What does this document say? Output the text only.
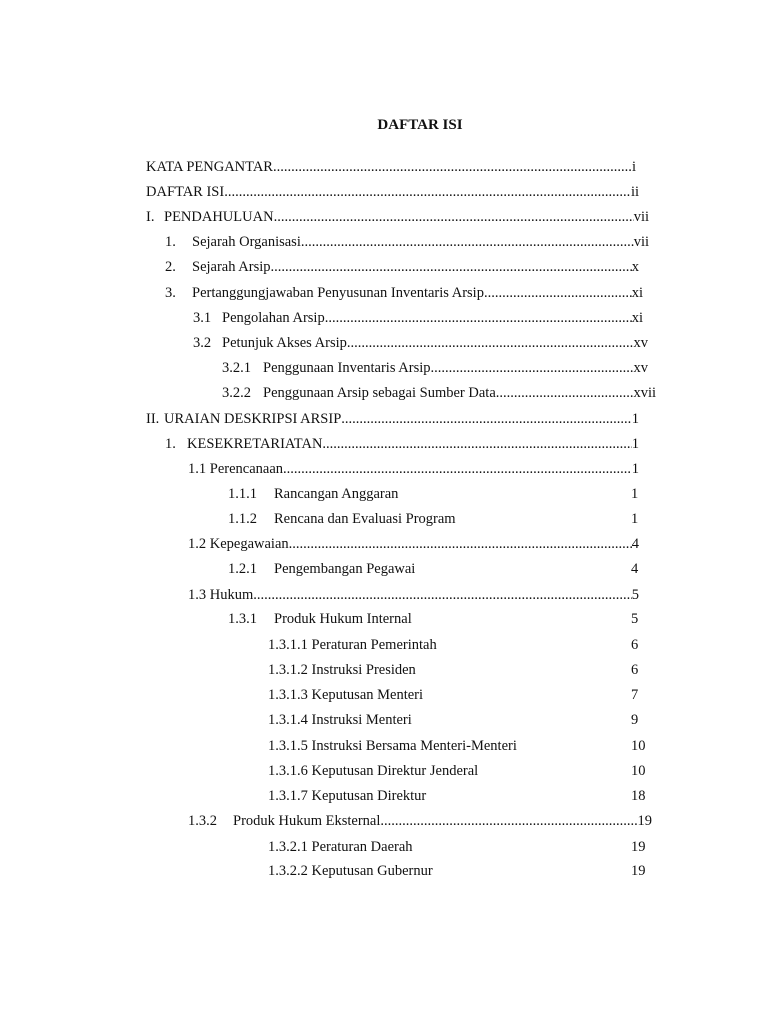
DAFTAR ISI
KATA PENGANTAR .....	i
DAFTAR ISI .....	ii
I. PENDAHULUAN .....	vii
1.	Sejarah Organisasi .....	vii
2.	Sejarah Arsip .....	x
3.	Pertanggungjawaban Penyusunan Inventaris Arsip .....	xi
3.1 Pengolahan Arsip .....	xi
3.2 Petunjuk Akses Arsip .....	xv
3.2.1 Penggunaan Inventaris Arsip .....	xv
3.2.2 Penggunaan Arsip sebagai Sumber Data .....	xvii
II. URAIAN DESKRIPSI ARSIP .....	1
1. KESEKRETARIATAN .....	1
1.1 Perencanaan .....	1
1.1.1 Rancangan Anggaran	1
1.1.2 Rencana dan Evaluasi Program	1
1.2 Kepegawaian .....	4
1.2.1 Pengembangan Pegawai	4
1.3 Hukum .....	5
1.3.1 Produk Hukum Internal	5
1.3.1.1 Peraturan Pemerintah	6
1.3.1.2 Instruksi Presiden	6
1.3.1.3 Keputusan Menteri	7
1.3.1.4 Instruksi Menteri	9
1.3.1.5 Instruksi Bersama Menteri-Menteri	10
1.3.1.6 Keputusan Direktur Jenderal	10
1.3.1.7 Keputusan Direktur	18
1.3.2	Produk Hukum Eksternal .....	19
1.3.2.1 Peraturan Daerah	19
1.3.2.2 Keputusan Gubernur	19
